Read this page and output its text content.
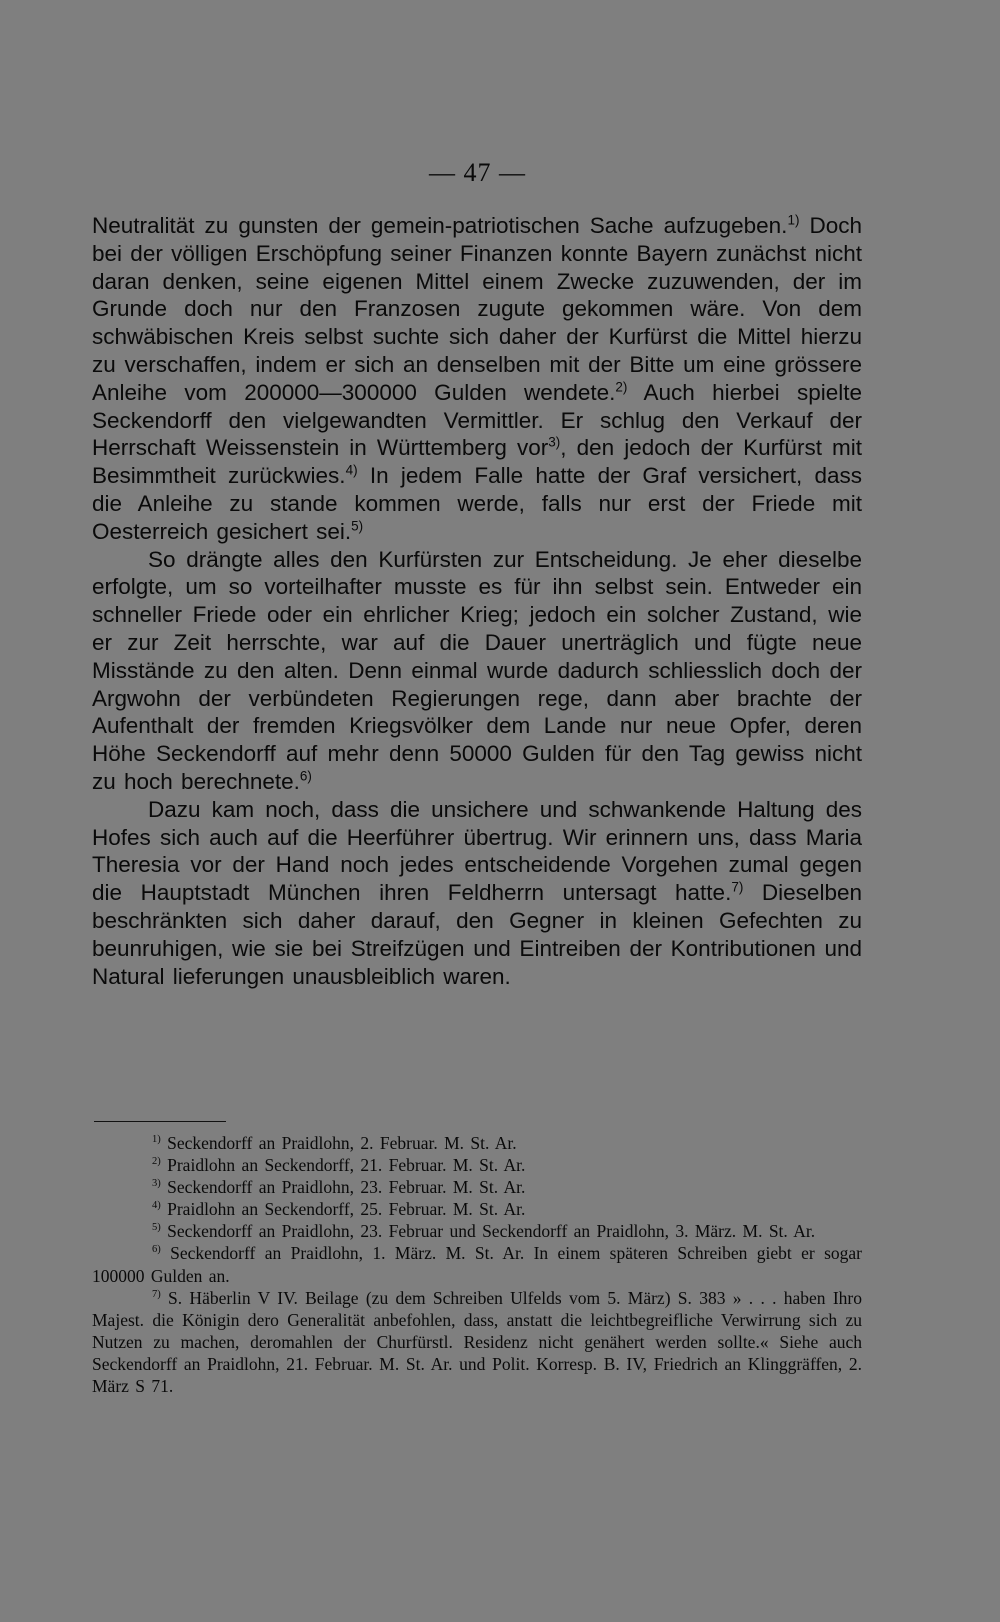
— 47 —

Neutralität zu gunsten der gemein-patriotischen Sache aufzugeben.$^{1)}$ Doch bei der völligen Erschöpfung seiner Finanzen konnte Bayern zunächst nicht daran denken, seine eigenen Mittel einem Zwecke zuzuwenden, der im Grunde doch nur den Franzosen zugute gekommen wäre. Von dem schwäbischen Kreis selbst suchte sich daher der Kurfürst die Mittel hierzu zu verschaffen, indem er sich an denselben mit der Bitte um eine grössere Anleihe vom 200000—300000 Gulden wendete.$^{2)}$ Auch hierbei spielte Seckendorff den vielgewandten Vermittler. Er schlug den Verkauf der Herrschaft Weissenstein in Württemberg vor$^{3)}$, den jedoch der Kurfürst mit Besimmtheit zurückwies.$^{4)}$ In jedem Falle hatte der Graf versichert, dass die Anleihe zu stande kommen werde, falls nur erst der Friede mit Oesterreich gesichert sei.$^{5)}$

So drängte alles den Kurfürsten zur Entscheidung. Je eher dieselbe erfolgte, um so vorteilhafter musste es für ihn selbst sein. Entweder ein schneller Friede oder ein ehrlicher Krieg; jedoch ein solcher Zustand, wie er zur Zeit herrschte, war auf die Dauer unerträglich und fügte neue Misstände zu den alten. Denn einmal wurde dadurch schliesslich doch der Argwohn der verbündeten Regierungen rege, dann aber brachte der Aufenthalt der fremden Kriegsvölker dem Lande nur neue Opfer, deren Höhe Seckendorff auf mehr denn 50000 Gulden für den Tag gewiss nicht zu hoch berechnete.$^{6)}$

Dazu kam noch, dass die unsichere und schwankende Haltung des Hofes sich auch auf die Heerführer übertrug. Wir erinnern uns, dass Maria Theresia vor der Hand noch jedes entscheidende Vorgehen zumal gegen die Hauptstadt München ihren Feldherrn untersagt hatte.$^{7)}$ Dieselben beschränkten sich daher darauf, den Gegner in kleinen Gefechten zu beunruhigen, wie sie bei Streifzügen und Eintreiben der Kontributionen und Natural lieferungen unausbleiblich waren.

$^{1)}$ Seckendorff an Praidlohn, 2. Februar. M. St. Ar.

$^{2)}$ Praidlohn an Seckendorff, 21. Februar. M. St. Ar.

$^{3)}$ Seckendorff an Praidlohn, 23. Februar. M. St. Ar.

$^{4)}$ Praidlohn an Seckendorff, 25. Februar. M. St. Ar.

$^{5)}$ Seckendorff an Praidlohn, 23. Februar und Seckendorff an Praidlohn, 3. März. M. St. Ar.

$^{6)}$ Seckendorff an Praidlohn, 1. März. M. St. Ar. In einem späteren Schreiben giebt er sogar 100000 Gulden an.

$^{7)}$ S. Häberlin V IV. Beilage (zu dem Schreiben Ulfelds vom 5. März) S. 383 » . . . haben Ihro Majest. die Königin dero Generalität anbefohlen, dass, anstatt die leichtbegreifliche Verwirrung sich zu Nutzen zu machen, deromahlen der Churfürstl. Residenz nicht genähert werden sollte.« Siehe auch Seckendorff an Praidlohn, 21. Februar. M. St. Ar. und Polit. Korresp. B. IV, Friedrich an Klinggräffen, 2. März S 71.
